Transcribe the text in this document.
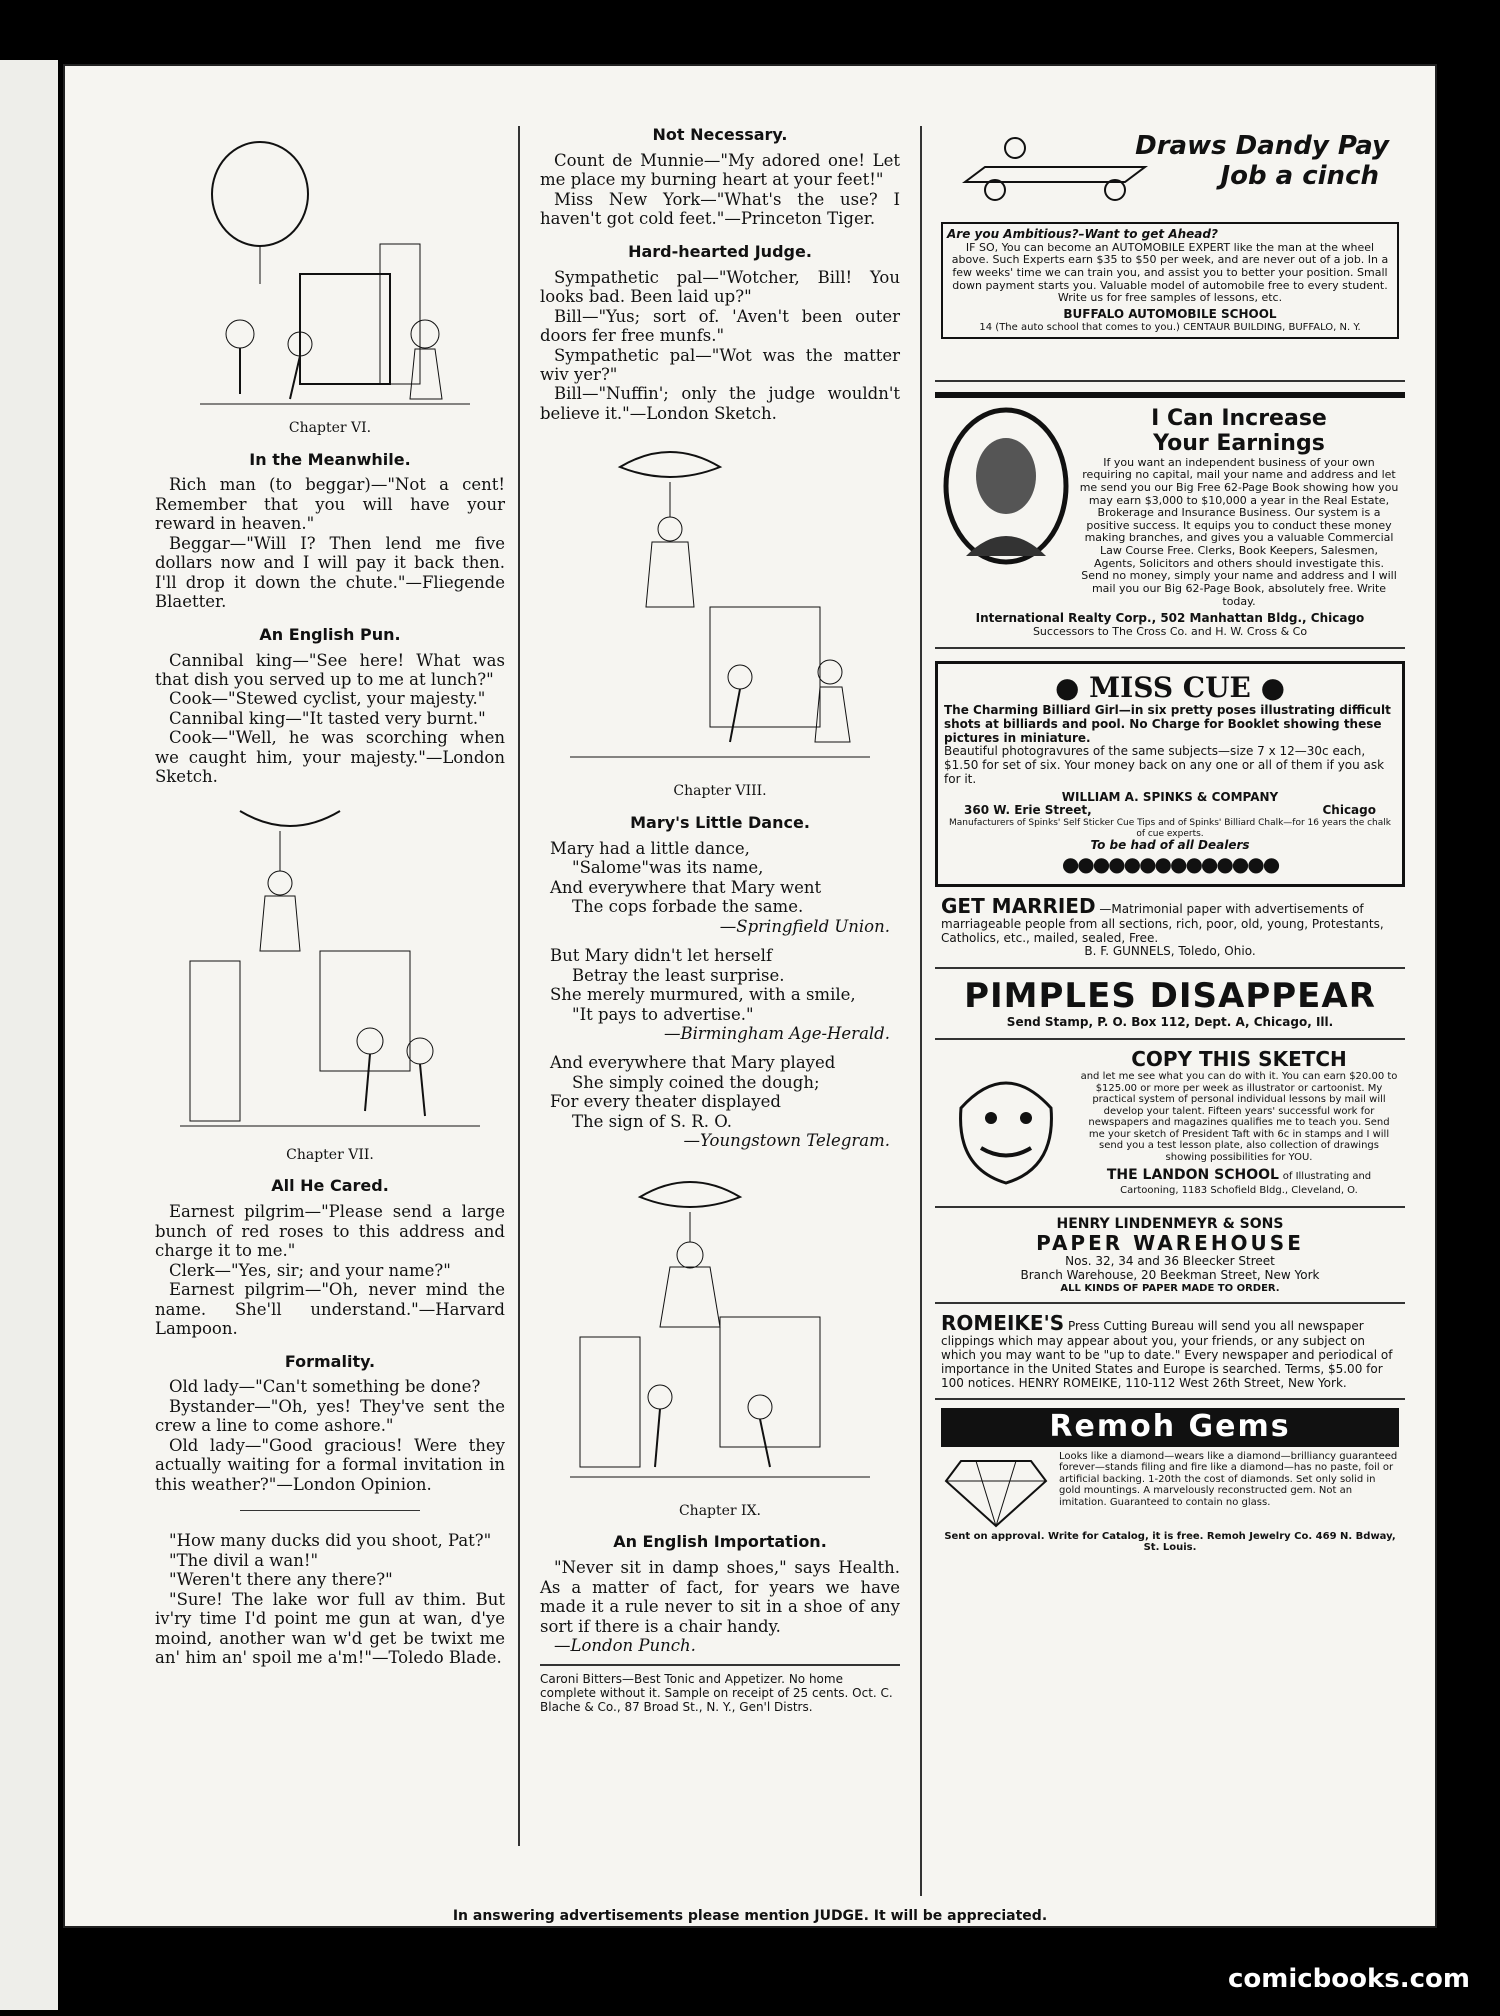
Chapter VI.
In the Meanwhile.

Rich man (to beggar)—"Not a cent! Remember that you will have your reward in heaven."

Beggar—"Will I? Then lend me five dollars now and I will pay it back then. I'll drop it down the chute."—Fliegende Blaetter.

An English Pun.

Cannibal king—"See here! What was that dish you served up to me at lunch?"

Cook—"Stewed cyclist, your majesty."

Cannibal king—"It tasted very burnt."

Cook—"Well, he was scorching when we caught him, your majesty."—London Sketch.

Chapter VII.
All He Cared.

Earnest pilgrim—"Please send a large bunch of red roses to this address and charge it to me."

Clerk—"Yes, sir; and your name?"

Earnest pilgrim—"Oh, never mind the name. She'll understand."—Harvard Lampoon.

Formality.

Old lady—"Can't something be done?

Bystander—"Oh, yes! They've sent the crew a line to come ashore."

Old lady—"Good gracious! Were they actually waiting for a formal invitation in this weather?"—London Opinion.

"How many ducks did you shoot, Pat?"

"The divil a wan!"

"Weren't there any there?"

"Sure! The lake wor full av thim. But iv'ry time I'd point me gun at wan, d'ye moind, another wan w'd get be twixt me an' him an' spoil me a'm!"—Toledo Blade.

Not Necessary.

Count de Munnie—"My adored one! Let me place my burning heart at your feet!"

Miss New York—"What's the use? I haven't got cold feet."—Princeton Tiger.

Hard-hearted Judge.

Sympathetic pal—"Wotcher, Bill! You looks bad. Been laid up?"

Bill—"Yus; sort of. 'Aven't been outer doors fer free munfs."

Sympathetic pal—"Wot was the matter wiv yer?"

Bill—"Nuffin'; only the judge wouldn't believe it."—London Sketch.

Chapter VIII.
Mary's Little Dance.
Mary had a little dance,
"Salome"was its name,
And everywhere that Mary went
The cops forbade the same.
—Springfield Union.
But Mary didn't let herself
Betray the least surprise.
She merely murmured, with a smile,
"It pays to advertise."
—Birmingham Age-Herald.
And everywhere that Mary played
She simply coined the dough;
For every theater displayed
The sign of S. R. O.
—Youngstown Telegram.
Chapter IX.
An English Importation.

"Never sit in damp shoes," says Health. As a matter of fact, for years we have made it a rule never to sit in a shoe of any sort if there is a chair handy.

—London Punch.

Caroni Bitters—Best Tonic and Appetizer. No home complete without it. Sample on receipt of 25 cents. Oct. C. Blache & Co., 87 Broad St., N. Y., Gen'l Distrs.
Draws Dandy Pay
Job a cinch
Are you Ambitious?–Want to get Ahead?
IF SO, You can become an AUTOMOBILE EXPERT like the man at the wheel above. Such Experts earn $35 to $50 per week, and are never out of a job. In a few weeks' time we can train you, and assist you to better your position. Small down payment starts you. Valuable model of automobile free to every student. Write us for free samples of lessons, etc.
BUFFALO AUTOMOBILE SCHOOL
14 (The auto school that comes to you.) CENTAUR BUILDING, BUFFALO, N. Y.
I Can Increase
Your Earnings
If you want an independent business of your own requiring no capital, mail your name and address and let me send you our Big Free 62-Page Book showing how you may earn $3,000 to $10,000 a year in the Real Estate, Brokerage and Insurance Business. Our system is a positive success. It equips you to conduct these money making branches, and gives you a valuable Commercial Law Course Free. Clerks, Book Keepers, Salesmen, Agents, Solicitors and others should investigate this. Send no money, simply your name and address and I will mail you our Big 62-Page Book, absolutely free. Write today.
International Realty Corp., 502 Manhattan Bldg., Chicago
Successors to The Cross Co. and H. W. Cross & Co
● MISS CUE ●
The Charming Billiard Girl—in six pretty poses illustrating difficult shots at billiards and pool. No Charge for Booklet showing these pictures in miniature.
Beautiful photogravures of the same subjects—size 7 x 12—30c each, $1.50 for set of six. Your money back on any one or all of them if you ask for it.
WILLIAM A. SPINKS & COMPANY
360 W. Erie Street,	Chicago
Manufacturers of Spinks' Self Sticker Cue Tips and of Spinks' Billiard Chalk—for 16 years the chalk of cue experts.
To be had of all Dealers
●●●●●●●●●●●●●●
GET MARRIED —Matrimonial paper with advertisements of marriageable people from all sections, rich, poor, old, young, Protestants, Catholics, etc., mailed, sealed, Free.
B. F. GUNNELS, Toledo, Ohio.
PIMPLES DISAPPEAR
Send Stamp, P. O. Box 112, Dept. A, Chicago, Ill.
COPY THIS SKETCH
and let me see what you can do with it. You can earn $20.00 to $125.00 or more per week as illustrator or cartoonist. My practical system of personal individual lessons by mail will develop your talent. Fifteen years' successful work for newspapers and magazines qualifies me to teach you. Send me your sketch of President Taft with 6c in stamps and I will send you a test lesson plate, also collection of drawings showing possibilities for YOU.
THE LANDON SCHOOL of Illustrating and Cartooning, 1183 Schofield Bldg., Cleveland, O.
HENRY LINDENMEYR & SONS
PAPER WAREHOUSE
Nos. 32, 34 and 36 Bleecker Street
Branch Warehouse, 20 Beekman Street, New York
ALL KINDS OF PAPER MADE TO ORDER.
ROMEIKE'S Press Cutting Bureau will send you all newspaper clippings which may appear about you, your friends, or any subject on which you may want to be "up to date." Every newspaper and periodical of importance in the United States and Europe is searched. Terms, $5.00 for 100 notices. HENRY ROMEIKE, 110-112 West 26th Street, New York.
Remoh Gems
Looks like a diamond—wears like a diamond—brilliancy guaranteed forever—stands filing and fire like a diamond—has no paste, foil or artificial backing. 1-20th the cost of diamonds. Set only solid in gold mountings. A marvelously reconstructed gem. Not an imitation. Guaranteed to contain no glass.
Sent on approval. Write for Catalog, it is free. Remoh Jewelry Co. 469 N. Bdway, St. Louis.
In answering advertisements please mention JUDGE. It will be appreciated.
comicbooks.com
